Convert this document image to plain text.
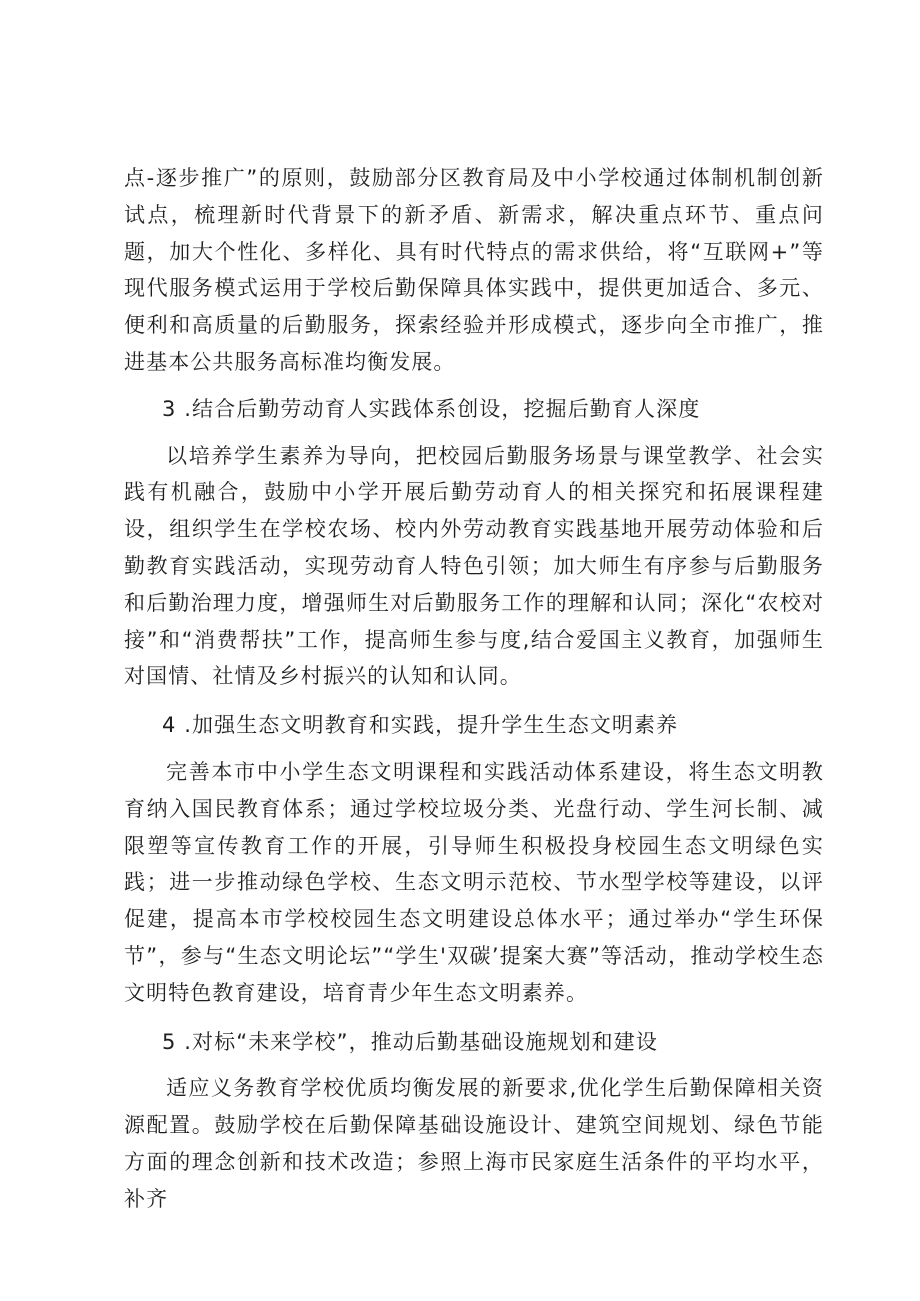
点-逐步推广”的原则，鼓励部分区教育局及中小学校通过体制机制创新试点，梳理新时代背景下的新矛盾、新需求，解决重点环节、重点问题，加大个性化、多样化、具有时代特点的需求供给，将“互联网+”等现代服务模式运用于学校后勤保障具体实践中，提供更加适合、多元、便利和高质量的后勤服务，探索经验并形成模式，逐步向全市推广，推进基本公共服务高标准均衡发展。

3 .结合后勤劳动育人实践体系创设，挖掘后勤育人深度

以培养学生素养为导向，把校园后勤服务场景与课堂教学、社会实践有机融合，鼓励中小学开展后勤劳动育人的相关探究和拓展课程建设，组织学生在学校农场、校内外劳动教育实践基地开展劳动体验和后勤教育实践活动，实现劳动育人特色引领；加大师生有序参与后勤服务和后勤治理力度，增强师生对后勤服务工作的理解和认同；深化“农校对接”和“消费帮扶”工作，提高师生参与度,结合爱国主义教育，加强师生对国情、社情及乡村振兴的认知和认同。

4 .加强生态文明教育和实践，提升学生生态文明素养

完善本市中小学生态文明课程和实践活动体系建设，将生态文明教育纳入国民教育体系；通过学校垃圾分类、光盘行动、学生河长制、减限塑等宣传教育工作的开展，引导师生积极投身校园生态文明绿色实践；进一步推动绿色学校、生态文明示范校、节水型学校等建设，以评促建，提高本市学校校园生态文明建设总体水平；通过举办“学生环保节”，参与“生态文明论坛”“学生'双碳’提案大赛”等活动，推动学校生态文明特色教育建设，培育青少年生态文明素养。

5 .对标“未来学校”，推动后勤基础设施规划和建设

适应义务教育学校优质均衡发展的新要求,优化学生后勤保障相关资源配置。鼓励学校在后勤保障基础设施设计、建筑空间规划、绿色节能方面的理念创新和技术改造；参照上海市民家庭生活条件的平均水平，补齐
